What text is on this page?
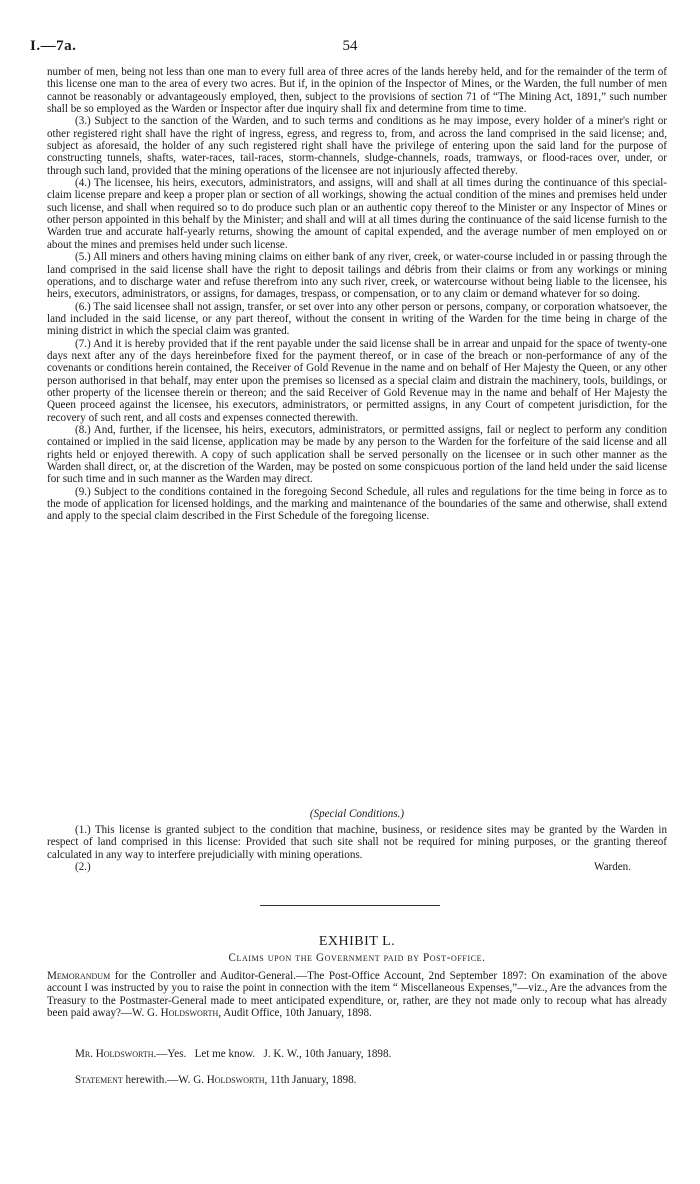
I.—7a.	54

number of men, being not less than one man to every full area of three acres of the lands hereby held, and for the remainder of the term of this license one man to the area of every two acres. But if, in the opinion of the Inspector of Mines, or the Warden, the full number of men cannot be reasonably or advantageously employed, then, subject to the provisions of section 71 of “The Mining Act, 1891,” such number shall be so employed as the Warden or Inspector after due inquiry shall fix and determine from time to time.

(3.) Subject to the sanction of the Warden, and to such terms and conditions as he may impose, every holder of a miner's right or other registered right shall have the right of ingress, egress, and regress to, from, and across the land comprised in the said license; and, subject as aforesaid, the holder of any such registered right shall have the privilege of entering upon the said land for the purpose of constructing tunnels, shafts, water-races, tail-races, storm-channels, sludge-channels, roads, tramways, or flood-races over, under, or through such land, provided that the mining operations of the licensee are not injuriously affected thereby.

(4.) The licensee, his heirs, executors, administrators, and assigns, will and shall at all times during the continuance of this special-claim license prepare and keep a proper plan or section of all workings, showing the actual condition of the mines and premises held under such license, and shall when required so to do produce such plan or an authentic copy thereof to the Minister or any Inspector of Mines or other person appointed in this behalf by the Minister; and shall and will at all times during the continuance of the said license furnish to the Warden true and accurate half-yearly returns, showing the amount of capital expended, and the average number of men employed on or about the mines and premises held under such license.

(5.) All miners and others having mining claims on either bank of any river, creek, or water-course included in or passing through the land comprised in the said license shall have the right to deposit tailings and débris from their claims or from any workings or mining operations, and to discharge water and refuse therefrom into any such river, creek, or watercourse without being liable to the licensee, his heirs, executors, administrators, or assigns, for damages, trespass, or compensation, or to any claim or demand whatever for so doing.

(6.) The said licensee shall not assign, transfer, or set over into any other person or persons, company, or corporation whatsoever, the land included in the said license, or any part thereof, without the consent in writing of the Warden for the time being in charge of the mining district in which the special claim was granted.

(7.) And it is hereby provided that if the rent payable under the said license shall be in arrear and unpaid for the space of twenty-one days next after any of the days hereinbefore fixed for the payment thereof, or in case of the breach or non-performance of any of the covenants or conditions herein contained, the Receiver of Gold Revenue in the name and on behalf of Her Majesty the Queen, or any other person authorised in that behalf, may enter upon the premises so licensed as a special claim and distrain the machinery, tools, buildings, or other property of the licensee therein or thereon; and the said Receiver of Gold Revenue may in the name and behalf of Her Majesty the Queen proceed against the licensee, his executors, administrators, or permitted assigns, in any Court of competent jurisdiction, for the recovery of such rent, and all costs and expenses connected therewith.

(8.) And, further, if the licensee, his heirs, executors, administrators, or permitted assigns, fail or neglect to perform any condition contained or implied in the said license, application may be made by any person to the Warden for the forfeiture of the said license and all rights held or enjoyed therewith. A copy of such application shall be served personally on the licensee or in such other manner as the Warden shall direct, or, at the discretion of the Warden, may be posted on some conspicuous portion of the land held under the said license for such time and in such manner as the Warden may direct.

(9.) Subject to the conditions contained in the foregoing Second Schedule, all rules and regulations for the time being in force as to the mode of application for licensed holdings, and the marking and maintenance of the boundaries of the same and otherwise, shall extend and apply to the special claim described in the First Schedule of the foregoing license.

(Special Conditions.)

(1.) This license is granted subject to the condition that machine, business, or residence sites may be granted by the Warden in respect of land comprised in this license: Provided that such site shall not be required for mining purposes, or the granting thereof calculated in any way to interfere prejudicially with mining operations.

(2.)	Warden.
EXHIBIT L.
Claims upon the Government paid by Post-office.

Memorandum for the Controller and Auditor-General.—The Post-Office Account, 2nd September 1897: On examination of the above account I was instructed by you to raise the point in connection with the item “ Miscellaneous Expenses,”—viz., Are the advances from the Treasury to the Postmaster-General made to meet anticipated expenditure, or, rather, are they not made only to recoup what has already been paid away?—W. G. Holdsworth, Audit Office, 10th January, 1898.

Mr. Holdsworth.—Yes.   Let me know.   J. K. W., 10th January, 1898.

Statement herewith.—W. G. Holdsworth, 11th January, 1898.
